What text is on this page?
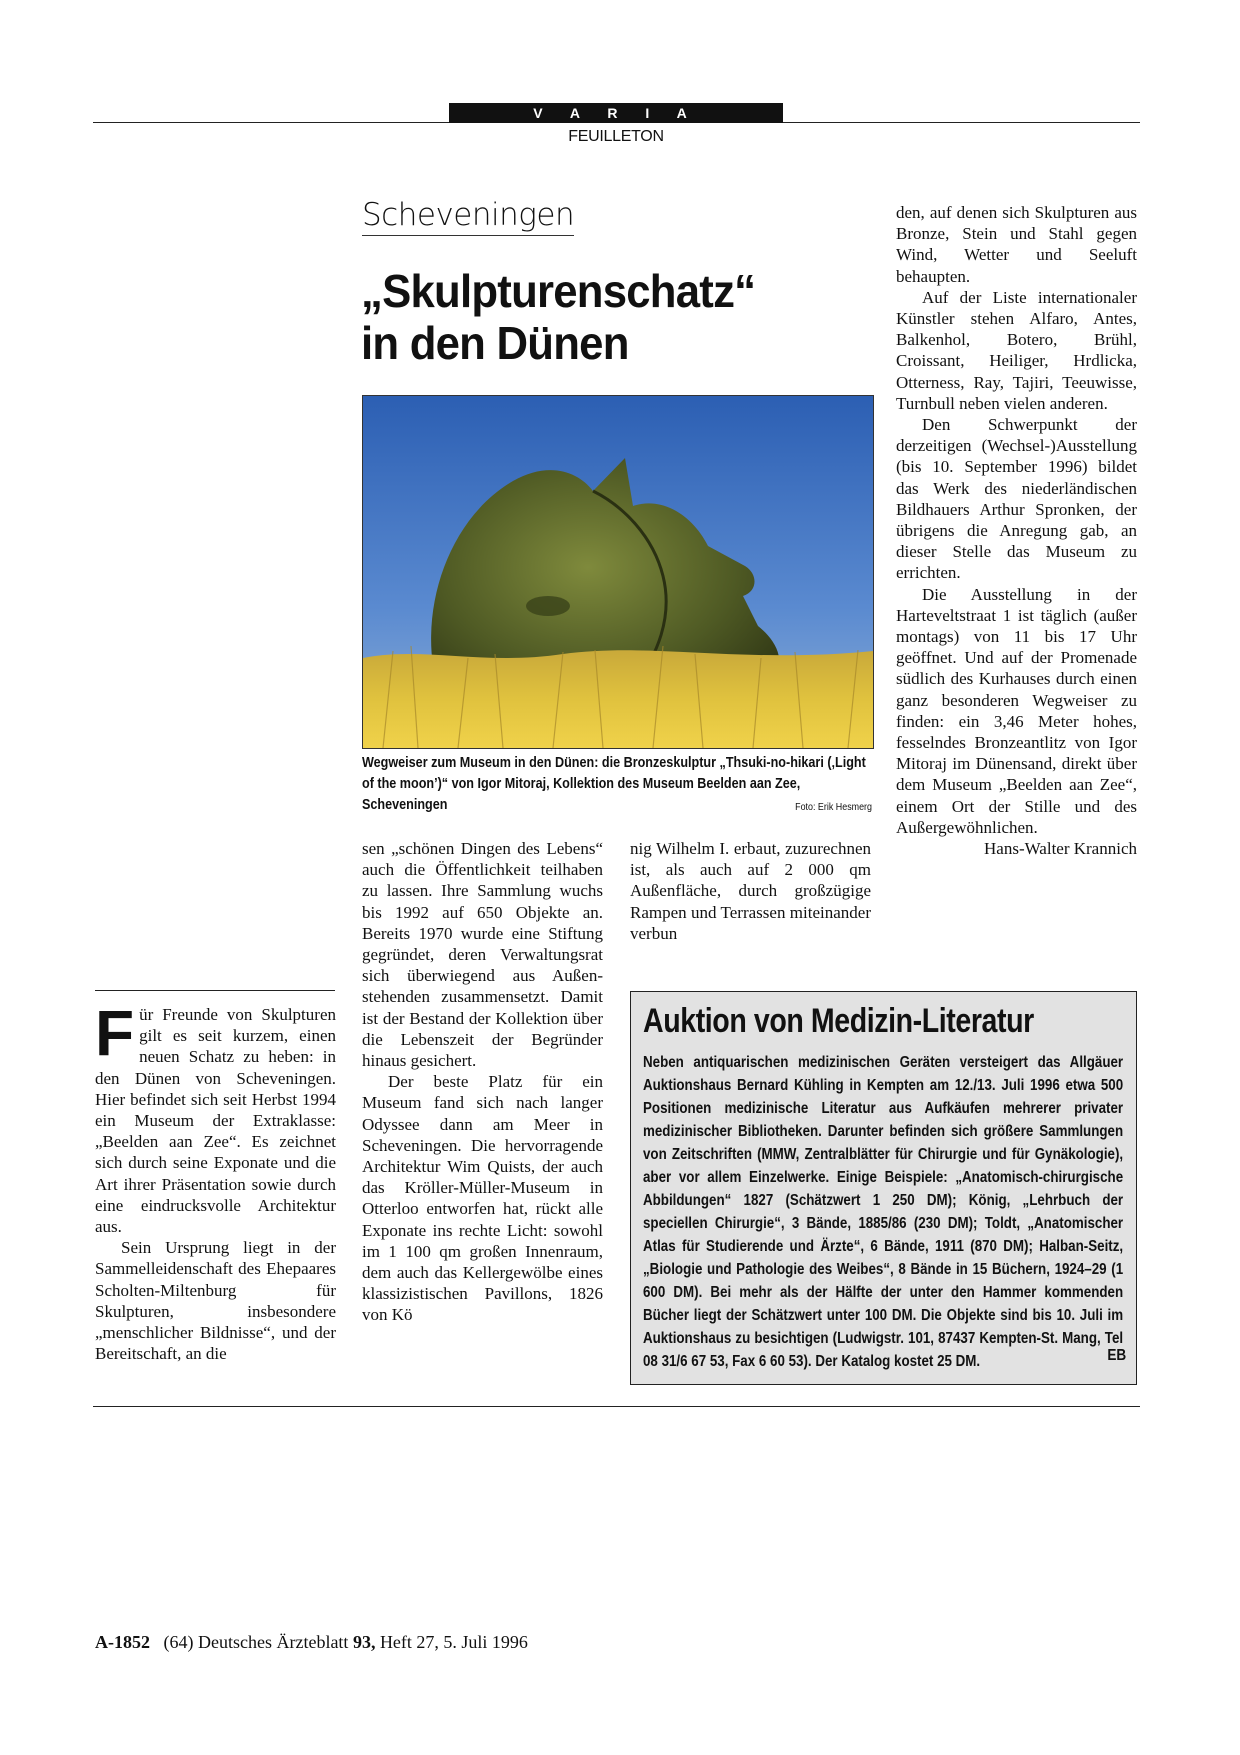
V A R I A
FEUILLETON
Scheveningen
„Skulpturenschatz“
in den Dünen
Wegweiser zum Museum in den Dünen: die Bronzeskulptur „Thsuki-no-hikari (‚Light of the moon’)“ von Igor Mitoraj, Kollektion des Museum Beelden aan Zee, Scheveningen	Foto: Erik Hesmerg

Für Freunde von Skulpturen gilt es seit kurzem, einen neuen Schatz zu heben: in den Dünen von Scheveningen. Hier befindet sich seit Herbst 1994 ein Museum der Extraklasse: „Beelden aan Zee“. Es zeichnet sich durch seine Exponate und die Art ihrer Präsentation sowie durch eine eindrucksvolle Architektur aus.

Sein Ursprung liegt in der Sammelleidenschaft des Ehepaares Scholten-Miltenburg für Skulpturen, insbesondere „menschlicher Bildnisse“, und der Bereitschaft, an die

sen „schönen Dingen des Lebens“ auch die Öffentlichkeit teilhaben zu lassen. Ihre Sammlung wuchs bis 1992 auf 650 Objekte an. Bereits 1970 wurde eine Stiftung gegründet, deren Verwaltungsrat sich überwiegend aus Außenstehenden zusammensetzt. Damit ist der Bestand der Kollektion über die Lebenszeit der Begründer hinaus gesichert.

Der beste Platz für ein Museum fand sich nach langer Odyssee dann am Meer in Scheveningen. Die hervorragende Architektur Wim Quists, der auch das Kröller-Müller-Museum in Otterloo entworfen hat, rückt alle Exponate ins rechte Licht: sowohl im 1 100 qm großen Innenraum, dem auch das Kellergewölbe eines klassizistischen Pavillons, 1826 von Kö

nig Wilhelm I. erbaut, zuzurechnen ist, als auch auf 2 000 qm Außenfläche, durch großzügige Rampen und Terrassen miteinander verbun

den, auf denen sich Skulpturen aus Bronze, Stein und Stahl gegen Wind, Wetter und Seeluft behaupten.

Auf der Liste internationaler Künstler stehen Alfaro, Antes, Balkenhol, Botero, Brühl, Croissant, Heiliger, Hrdlicka, Otterness, Ray, Tajiri, Teeuwisse, Turnbull neben vielen anderen.

Den Schwerpunkt der derzeitigen (Wechsel-)Ausstellung (bis 10. September 1996) bildet das Werk des niederländischen Bildhauers Arthur Spronken, der übrigens die Anregung gab, an dieser Stelle das Museum zu errichten.

Die Ausstellung in der Harteveltstraat 1 ist täglich (außer montags) von 11 bis 17 Uhr geöffnet. Und auf der Promenade südlich des Kurhauses durch einen ganz besonderen Wegweiser zu finden: ein 3,46 Meter hohes, fesselndes Bronzeantlitz von Igor Mitoraj im Dünensand, direkt über dem Museum „Beelden aan Zee“, einem Ort der Stille und des Außergewöhnlichen.

Hans-Walter Krannich

Auktion von Medizin-Literatur
Neben antiquarischen medizinischen Geräten versteigert das Allgäuer Auktionshaus Bernard Kühling in Kempten am 12./13. Juli 1996 etwa 500 Positionen medizinische Literatur aus Aufkäufen mehrerer privater medizinischer Bibliotheken. Darunter befinden sich größere Sammlungen von Zeitschriften (MMW, Zentralblätter für Chirurgie und für Gynäkologie), aber vor allem Einzelwerke. Einige Beispiele: „Anatomisch-chirurgische Abbildungen“ 1827 (Schätzwert 1 250 DM); König, „Lehrbuch der speciellen Chirurgie“, 3 Bände, 1885/86 (230 DM); Toldt, „Anatomischer Atlas für Studierende und Ärzte“, 6 Bände, 1911 (870 DM); Halban-Seitz, „Biologie und Pathologie des Weibes“, 8 Bände in 15 Büchern, 1924–29 (1 600 DM). Bei mehr als der Hälfte der unter den Hammer kommenden Bücher liegt der Schätzwert unter 100 DM. Die Objekte sind bis 10. Juli im Auktionshaus zu besichtigen (Ludwigstr. 101, 87437 Kempten-St. Mang, Tel 08 31/6 67 53, Fax 6 60 53). Der Katalog kostet 25 DM.	EB
A-1852 (64) Deutsches Ärzteblatt 93, Heft 27, 5. Juli 1996
